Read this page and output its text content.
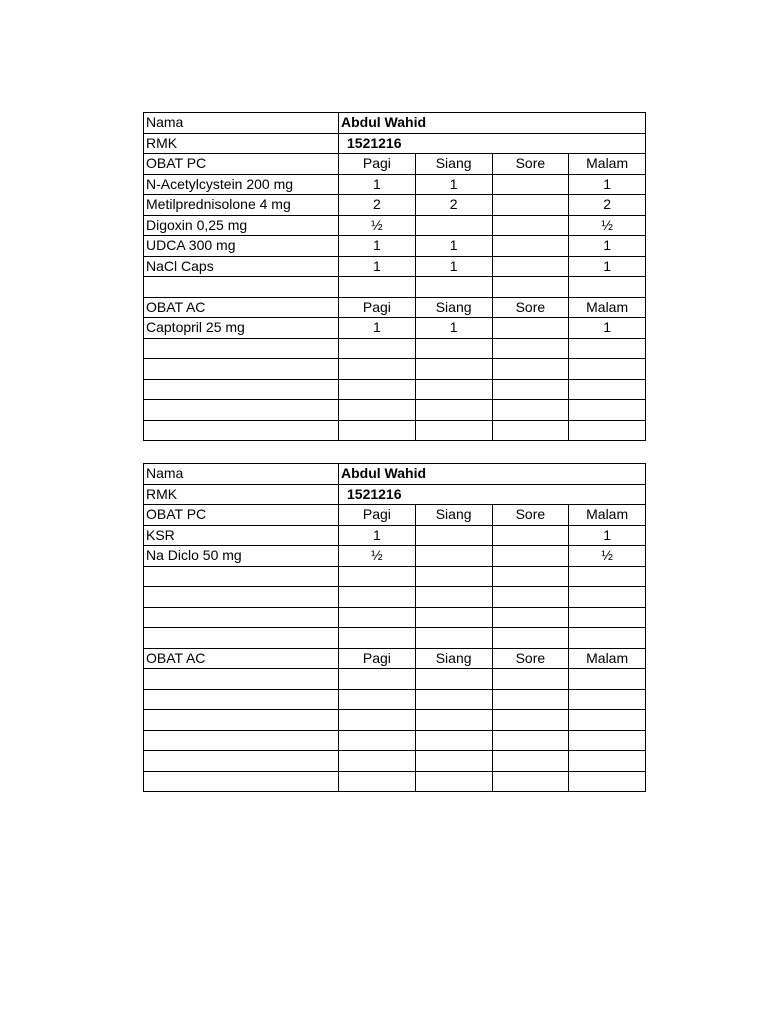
Nama	Abdul Wahid			
RMK	1521216			
OBAT PC	Pagi	Siang	Sore	Malam
N-Acetylcystein 200 mg	1	1		1
Metilprednisolone 4 mg	2	2		2
Digoxin 0,25 mg	½			½
UDCA 300 mg	1	1		1
NaCl Caps	1	1		1

OBAT AC	Pagi	Siang	Sore	Malam
Captopril 25 mg	1	1		1

Nama	Abdul Wahid			
RMK	1521216			
OBAT PC	Pagi	Siang	Sore	Malam
KSR	1			1
Na Diclo 50 mg	½			½

OBAT AC	Pagi	Siang	Sore	Malam
